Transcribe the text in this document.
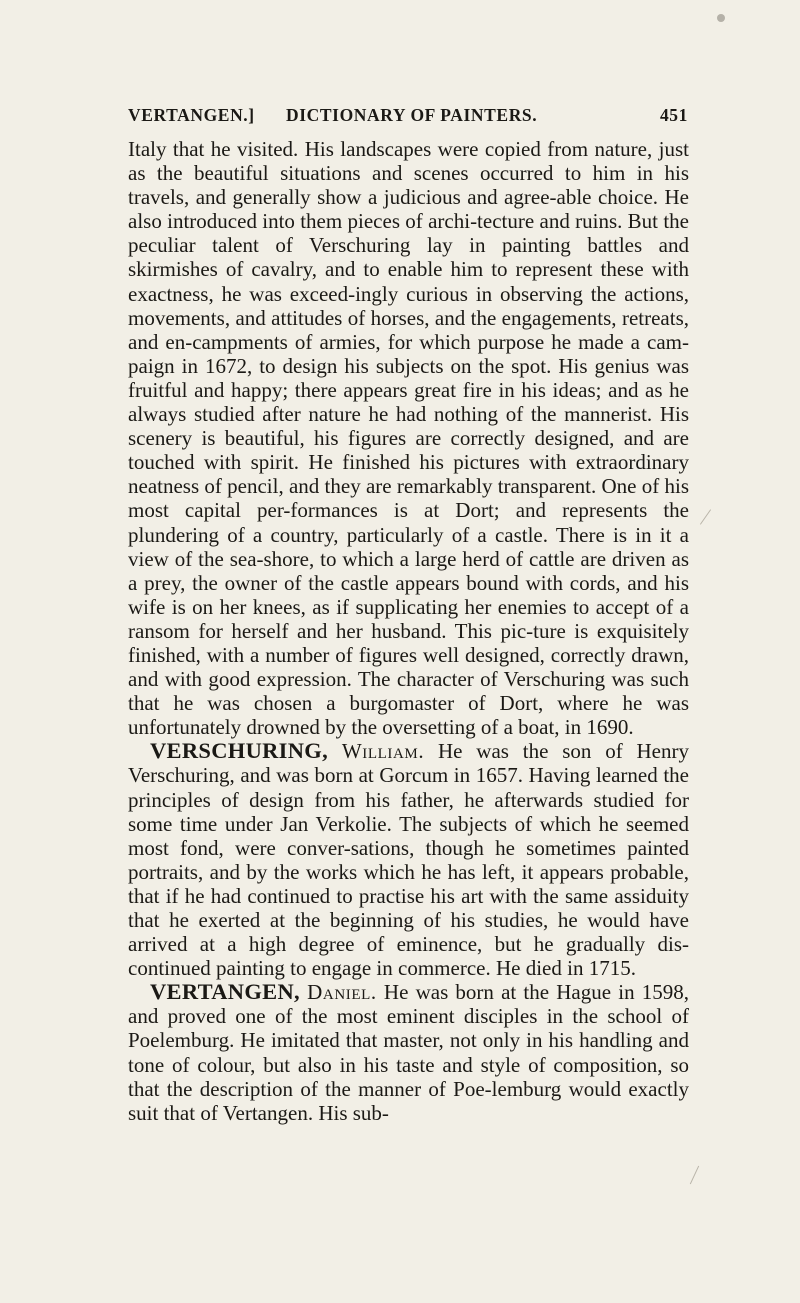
VERTANGEN.] DICTIONARY OF PAINTERS.	451

Italy that he visited. His landscapes were copied from nature, just as the beautiful situations and scenes occurred to him in his travels, and generally show a judicious and agree-able choice. He also introduced into them pieces of archi-tecture and ruins. But the peculiar talent of Verschuring lay in painting battles and skirmishes of cavalry, and to enable him to represent these with exactness, he was exceed-ingly curious in observing the actions, movements, and attitudes of horses, and the engagements, retreats, and en-campments of armies, for which purpose he made a cam-paign in 1672, to design his subjects on the spot. His genius was fruitful and happy; there appears great fire in his ideas; and as he always studied after nature he had nothing of the mannerist. His scenery is beautiful, his figures are correctly designed, and are touched with spirit. He finished his pictures with extraordinary neatness of pencil, and they are remarkably transparent. One of his most capital per-formances is at Dort; and represents the plundering of a country, particularly of a castle. There is in it a view of the sea-shore, to which a large herd of cattle are driven as a prey, the owner of the castle appears bound with cords, and his wife is on her knees, as if supplicating her enemies to accept of a ransom for herself and her husband. This pic-ture is exquisitely finished, with a number of figures well designed, correctly drawn, and with good expression. The character of Verschuring was such that he was chosen a burgomaster of Dort, where he was unfortunately drowned by the oversetting of a boat, in 1690.

VERSCHURING, William. He was the son of Henry Verschuring, and was born at Gorcum in 1657. Having learned the principles of design from his father, he afterwards studied for some time under Jan Verkolie. The subjects of which he seemed most fond, were conver-sations, though he sometimes painted portraits, and by the works which he has left, it appears probable, that if he had continued to practise his art with the same assiduity that he exerted at the beginning of his studies, he would have arrived at a high degree of eminence, but he gradually dis-continued painting to engage in commerce. He died in 1715.

VERTANGEN, Daniel. He was born at the Hague in 1598, and proved one of the most eminent disciples in the school of Poelemburg. He imitated that master, not only in his handling and tone of colour, but also in his taste and style of composition, so that the description of the manner of Poe-lemburg would exactly suit that of Vertangen. His sub-
